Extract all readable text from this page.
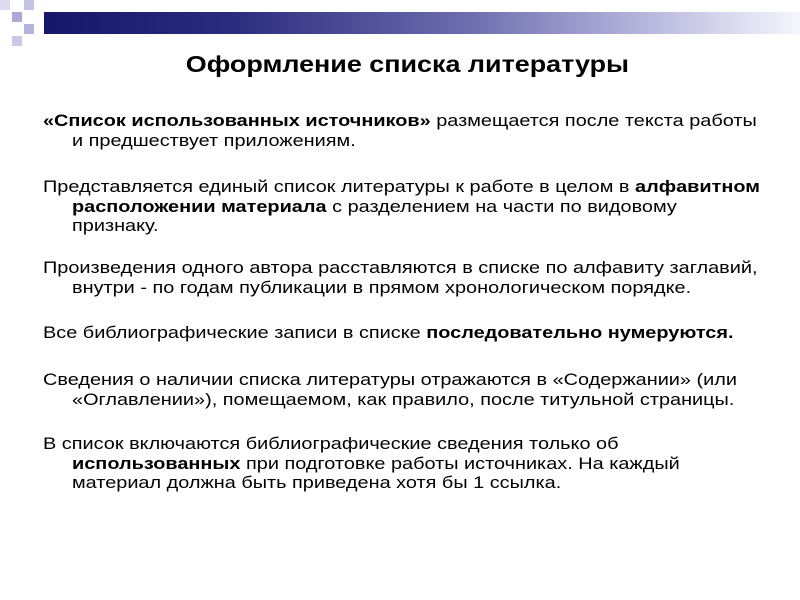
Оформление списка литературы
«Список использованных источников» размещается после текста работы
и предшествует приложениям.
Представляется единый список литературы к работе в целом в алфавитном
расположении материала с разделением на части по видовому
признаку.
Произведения одного автора расставляются в списке по алфавиту заглавий,
внутри - по годам публикации в прямом хронологическом порядке.
Все библиографические записи в списке последовательно нумеруются.
Сведения о наличии списка литературы отражаются в «Содержании» (или
«Оглавлении»), помещаемом, как правило, после титульной страницы.
В список включаются библиографические сведения только об
использованных при подготовке работы источниках. На каждый
материал должна быть приведена хотя бы 1 ссылка.
